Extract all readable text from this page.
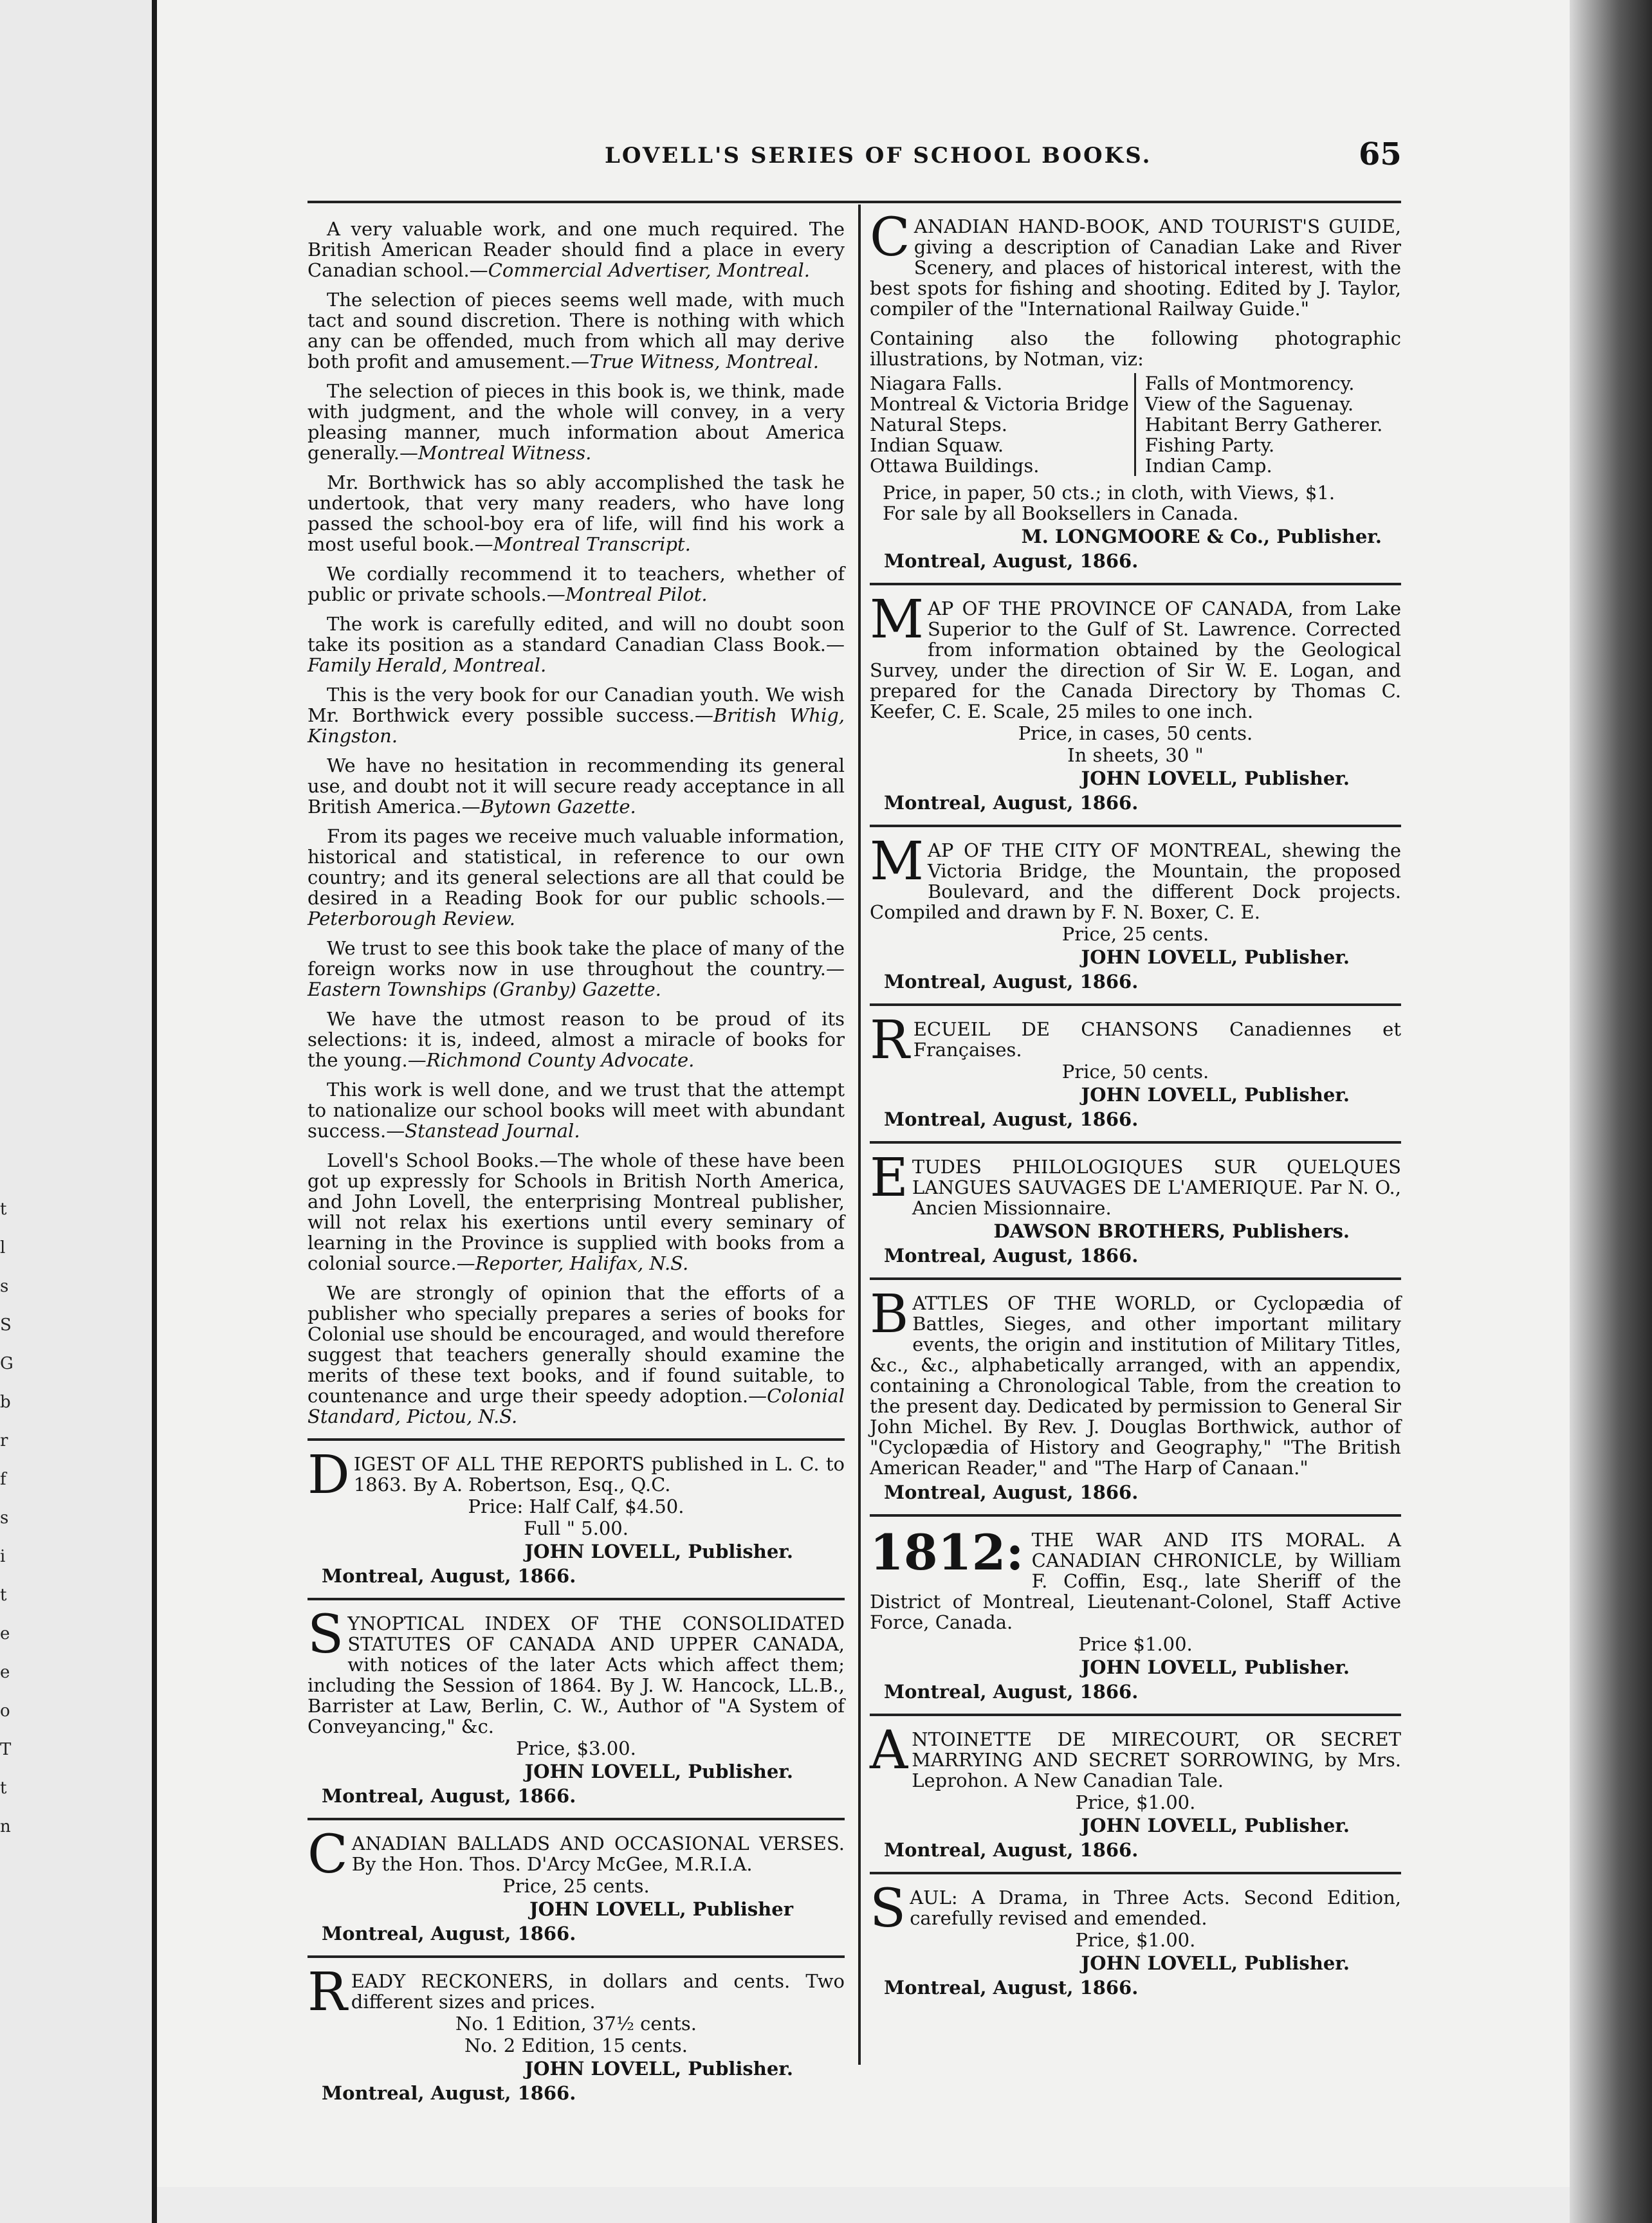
tlsSGbrfsiteeoTtn
LOVELL'S SERIES OF SCHOOL BOOKS.	65

A very valuable work, and one much required. The British American Reader should find a place in every Canadian school.—Commercial Advertiser, Montreal.

The selection of pieces seems well made, with much tact and sound discretion. There is nothing with which any can be offended, much from which all may derive both profit and amusement.—True Witness, Montreal.

The selection of pieces in this book is, we think, made with judgment, and the whole will convey, in a very pleasing manner, much information about America generally.—Montreal Witness.

Mr. Borthwick has so ably accomplished the task he undertook, that very many readers, who have long passed the school-boy era of life, will find his work a most useful book.—Montreal Transcript.

We cordially recommend it to teachers, whether of public or private schools.—Montreal Pilot.

The work is carefully edited, and will no doubt soon take its position as a standard Canadian Class Book.—Family Herald, Montreal.

This is the very book for our Canadian youth. We wish Mr. Borthwick every possible success.—British Whig, Kingston.

We have no hesitation in recommending its general use, and doubt not it will secure ready acceptance in all British America.—Bytown Gazette.

From its pages we receive much valuable information, historical and statistical, in reference to our own country; and its general selections are all that could be desired in a Reading Book for our public schools.—Peterborough Review.

We trust to see this book take the place of many of the foreign works now in use throughout the country.—Eastern Townships (Granby) Gazette.

We have the utmost reason to be proud of its selections: it is, indeed, almost a miracle of books for the young.—Richmond County Advocate.

This work is well done, and we trust that the attempt to nationalize our school books will meet with abundant success.—Stanstead Journal.

Lovell's School Books.—The whole of these have been got up expressly for Schools in British North America, and John Lovell, the enterprising Montreal publisher, will not relax his exertions until every seminary of learning in the Province is supplied with books from a colonial source.—Reporter, Halifax, N.S.

We are strongly of opinion that the efforts of a publisher who specially prepares a series of books for Colonial use should be encouraged, and would therefore suggest that teachers generally should examine the merits of these text books, and if found suitable, to countenance and urge their speedy adoption.—Colonial Standard, Pictou, N.S.

DIGEST OF ALL THE REPORTS published in L. C. to 1863. By A. Robertson, Esq., Q.C.

Price: Half Calf, $4.50.
Full " 5.00.
JOHN LOVELL, Publisher.
Montreal, August, 1866.

SYNOPTICAL INDEX OF THE CONSOLIDATED STATUTES OF CANADA AND UPPER CANADA, with notices of the later Acts which affect them; including the Session of 1864. By J. W. Hancock, LL.B., Barrister at Law, Berlin, C. W., Author of "A System of Conveyancing," &c.

Price, $3.00.
JOHN LOVELL, Publisher.
Montreal, August, 1866.

CANADIAN BALLADS AND OCCASIONAL VERSES. By the Hon. Thos. D'Arcy McGee, M.R.I.A.

Price, 25 cents.
JOHN LOVELL, Publisher
Montreal, August, 1866.

READY RECKONERS, in dollars and cents. Two different sizes and prices.

No. 1 Edition, 37½ cents.
No. 2 Edition, 15 cents.
JOHN LOVELL, Publisher.
Montreal, August, 1866.

CANADIAN HAND-BOOK, AND TOURIST'S GUIDE, giving a description of Canadian Lake and River Scenery, and places of historical interest, with the best spots for fishing and shooting. Edited by J. Taylor, compiler of the "International Railway Guide."

Containing also the following photographic illustrations, by Notman, viz:

Niagara Falls.
Montreal & Victoria Bridge
Natural Steps.
Indian Squaw.
Ottawa Buildings.
Falls of Montmorency.
View of the Saguenay.
Habitant Berry Gatherer.
Fishing Party.
Indian Camp.
Price, in paper, 50 cts.; in cloth, with Views, $1.
For sale by all Booksellers in Canada.
M. LONGMOORE & Co., Publisher.
Montreal, August, 1866.

MAP OF THE PROVINCE OF CANADA, from Lake Superior to the Gulf of St. Lawrence. Corrected from information obtained by the Geological Survey, under the direction of Sir W. E. Logan, and prepared for the Canada Directory by Thomas C. Keefer, C. E. Scale, 25 miles to one inch.

Price, in cases, 50 cents.
In sheets, 30 "
JOHN LOVELL, Publisher.
Montreal, August, 1866.

MAP OF THE CITY OF MONTREAL, shewing the Victoria Bridge, the Mountain, the proposed Boulevard, and the different Dock projects. Compiled and drawn by F. N. Boxer, C. E.

Price, 25 cents.
JOHN LOVELL, Publisher.
Montreal, August, 1866.

RECUEIL DE CHANSONS Canadiennes et Françaises.

Price, 50 cents.
JOHN LOVELL, Publisher.
Montreal, August, 1866.

ETUDES PHILOLOGIQUES SUR QUELQUES LANGUES SAUVAGES DE L'AMERIQUE. Par N. O., Ancien Missionnaire.

DAWSON BROTHERS, Publishers.
Montreal, August, 1866.

BATTLES OF THE WORLD, or Cyclopædia of Battles, Sieges, and other important military events, the origin and institution of Military Titles, &c., &c., alphabetically arranged, with an appendix, containing a Chronological Table, from the creation to the present day. Dedicated by permission to General Sir John Michel. By Rev. J. Douglas Borthwick, author of "Cyclopædia of History and Geography," "The British American Reader," and "The Harp of Canaan."

Montreal, August, 1866.

1812: THE WAR AND ITS MORAL. A CANADIAN CHRONICLE, by William F. Coffin, Esq., late Sheriff of the District of Montreal, Lieutenant-Colonel, Staff Active Force, Canada.

Price $1.00.
JOHN LOVELL, Publisher.
Montreal, August, 1866.

ANTOINETTE DE MIRECOURT, OR SECRET MARRYING AND SECRET SORROWING, by Mrs. Leprohon. A New Canadian Tale.

Price, $1.00.
JOHN LOVELL, Publisher.
Montreal, August, 1866.

SAUL: A Drama, in Three Acts. Second Edition, carefully revised and emended.

Price, $1.00.
JOHN LOVELL, Publisher.
Montreal, August, 1866.
